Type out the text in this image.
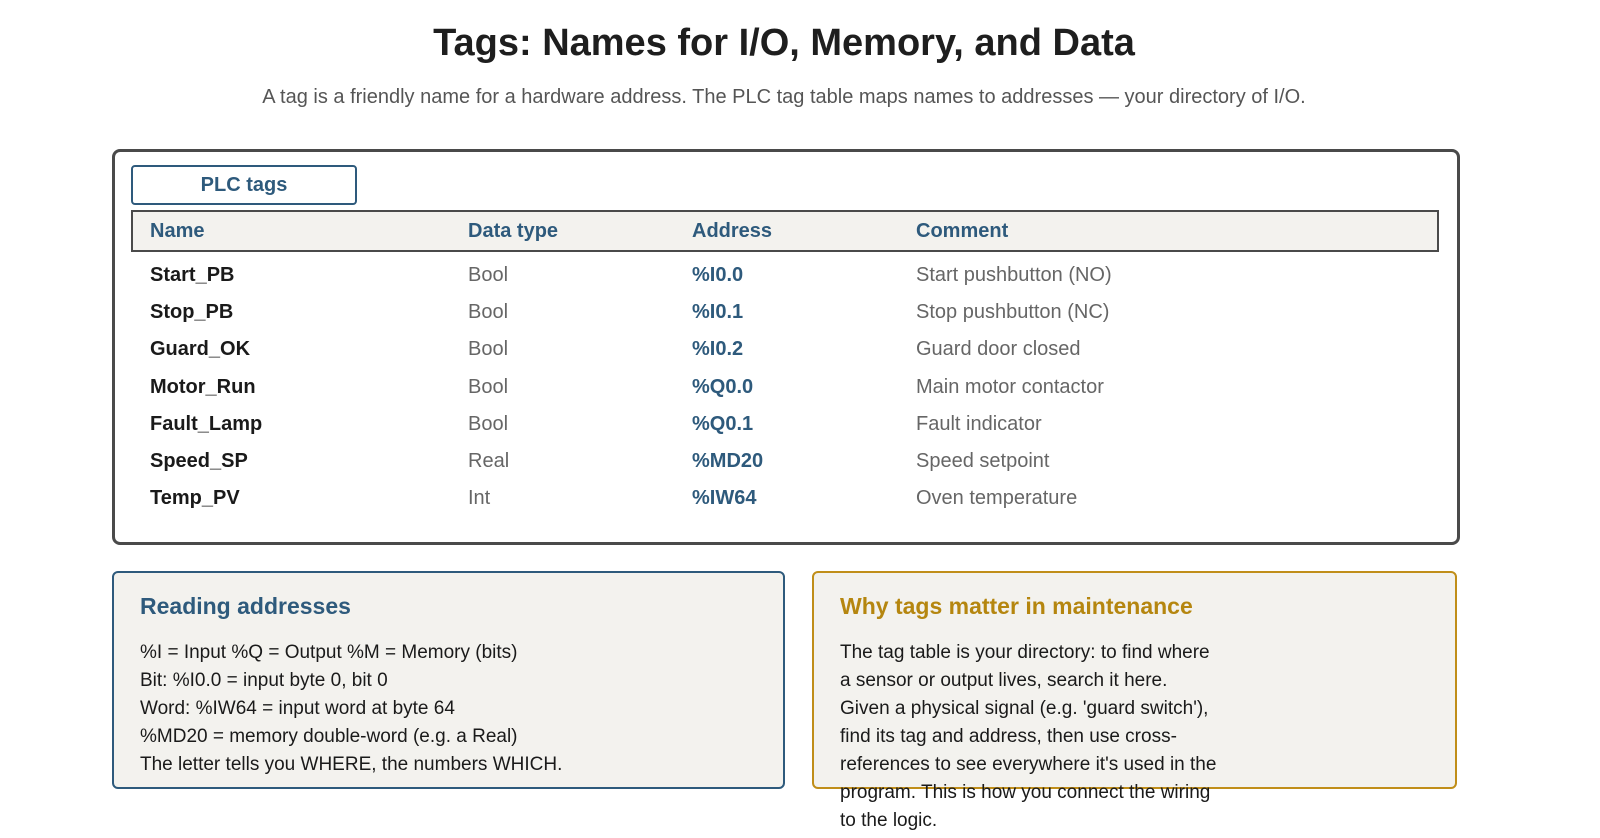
Tags: Names for I/O, Memory, and Data
A tag is a friendly name for a hardware address. The PLC tag table maps names to addresses — your directory of I/O.
PLC tags
Name	Data type	Address	Comment
Start_PB	Bool	%I0.0	Start pushbutton (NO)
Stop_PB	Bool	%I0.1	Stop pushbutton (NC)
Guard_OK	Bool	%I0.2	Guard door closed
Motor_Run	Bool	%Q0.0	Main motor contactor
Fault_Lamp	Bool	%Q0.1	Fault indicator
Speed_SP	Real	%MD20	Speed setpoint
Temp_PV	Int	%IW64	Oven temperature
Reading addresses
%I = Input %Q = Output %M = Memory (bits)
Bit: %I0.0 = input byte 0, bit 0
Word: %IW64 = input word at byte 64
%MD20 = memory double-word (e.g. a Real)
The letter tells you WHERE, the numbers WHICH.
Why tags matter in maintenance

The tag table is your directory: to find where a sensor or output lives, search it here. Given a physical signal (e.g. 'guard switch'), find its tag and address, then use cross-references to see everywhere it's used in the program. This is how you connect the wiring to the logic.
